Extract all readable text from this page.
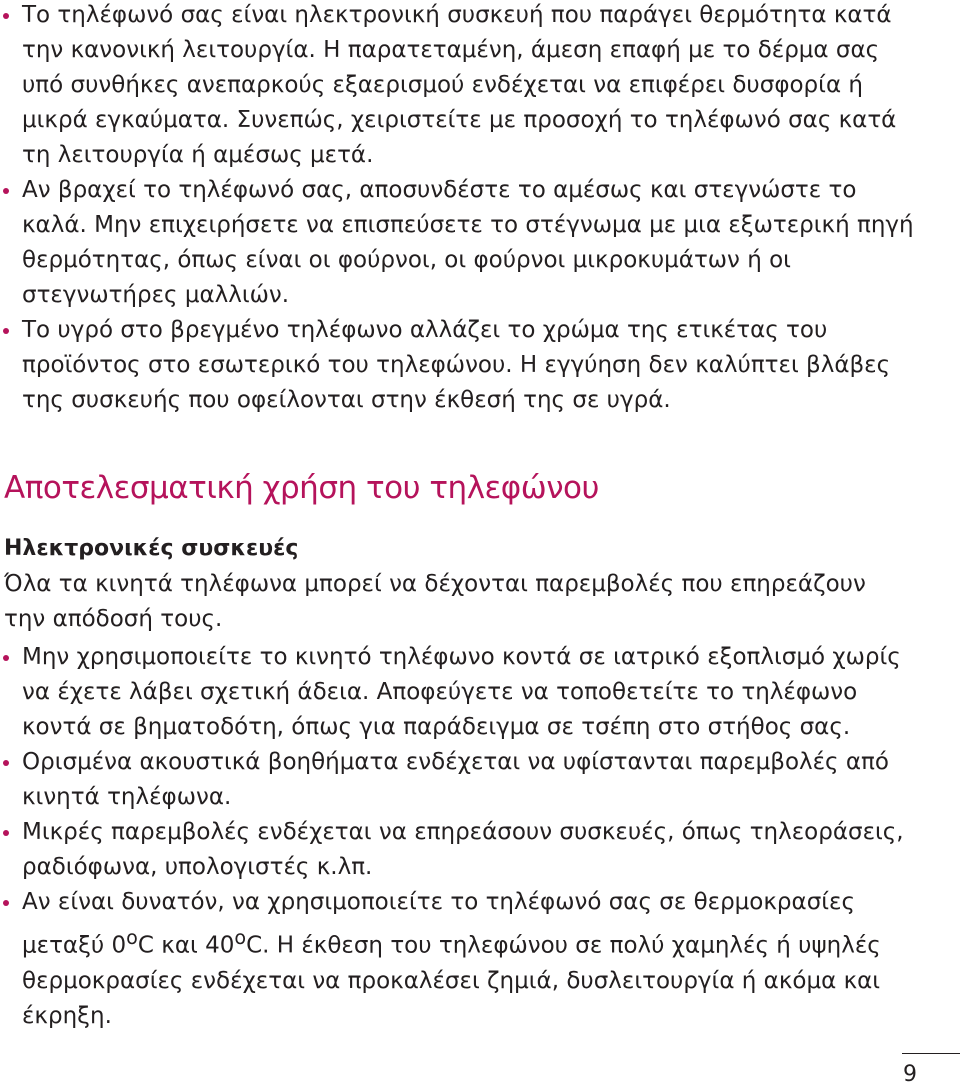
Το τηλέφωνό σας είναι ηλεκτρονική συσκευή που παράγει θερμότητα κατά την κανονική λειτουργία. Η παρατεταμένη, άμεση επαφή με το δέρμα σας υπό συνθήκες ανεπαρκούς εξαερισμού ενδέχεται να επιφέρει δυσφορία ή μικρά εγκαύματα. Συνεπώς, χειριστείτε με προσοχή το τηλέφωνό σας κατά τη λειτουργία ή αμέσως μετά.
Αν βραχεί το τηλέφωνό σας, αποσυνδέστε το αμέσως και στεγνώστε το καλά. Μην επιχειρήσετε να επισπεύσετε το στέγνωμα με μια εξωτερική πηγή θερμότητας, όπως είναι οι φούρνοι, οι φούρνοι μικροκυμάτων ή οι στεγνωτήρες μαλλιών.
Το υγρό στο βρεγμένο τηλέφωνο αλλάζει το χρώμα της ετικέτας του προϊόντος στο εσωτερικό του τηλεφώνου. Η εγγύηση δεν καλύπτει βλάβες της συσκευής που οφείλονται στην έκθεσή της σε υγρά.
Αποτελεσματική χρήση του τηλεφώνου
Ηλεκτρονικές συσκευές

Όλα τα κινητά τηλέφωνα μπορεί να δέχονται παρεμβολές που επηρεάζουν την απόδοσή τους.

Μην χρησιμοποιείτε το κινητό τηλέφωνο κοντά σε ιατρικό εξοπλισμό χωρίς να έχετε λάβει σχετική άδεια. Αποφεύγετε να τοποθετείτε το τηλέφωνο κοντά σε βηματοδότη, όπως για παράδειγμα σε τσέπη στο στήθος σας.
Ορισμένα ακουστικά βοηθήματα ενδέχεται να υφίστανται παρεμβολές από κινητά τηλέφωνα.
Μικρές παρεμβολές ενδέχεται να επηρεάσουν συσκευές, όπως τηλεοράσεις, ραδιόφωνα, υπολογιστές κ.λπ.
Αν είναι δυνατόν, να χρησιμοποιείτε το τηλέφωνό σας σε θερμοκρασίες μεταξύ 0$^o$C και 40$^o$C. Η έκθεση του τηλεφώνου σε πολύ χαμηλές ή υψηλές θερμοκρασίες ενδέχεται να προκαλέσει ζημιά, δυσλειτουργία ή ακόμα και έκρηξη.
9
